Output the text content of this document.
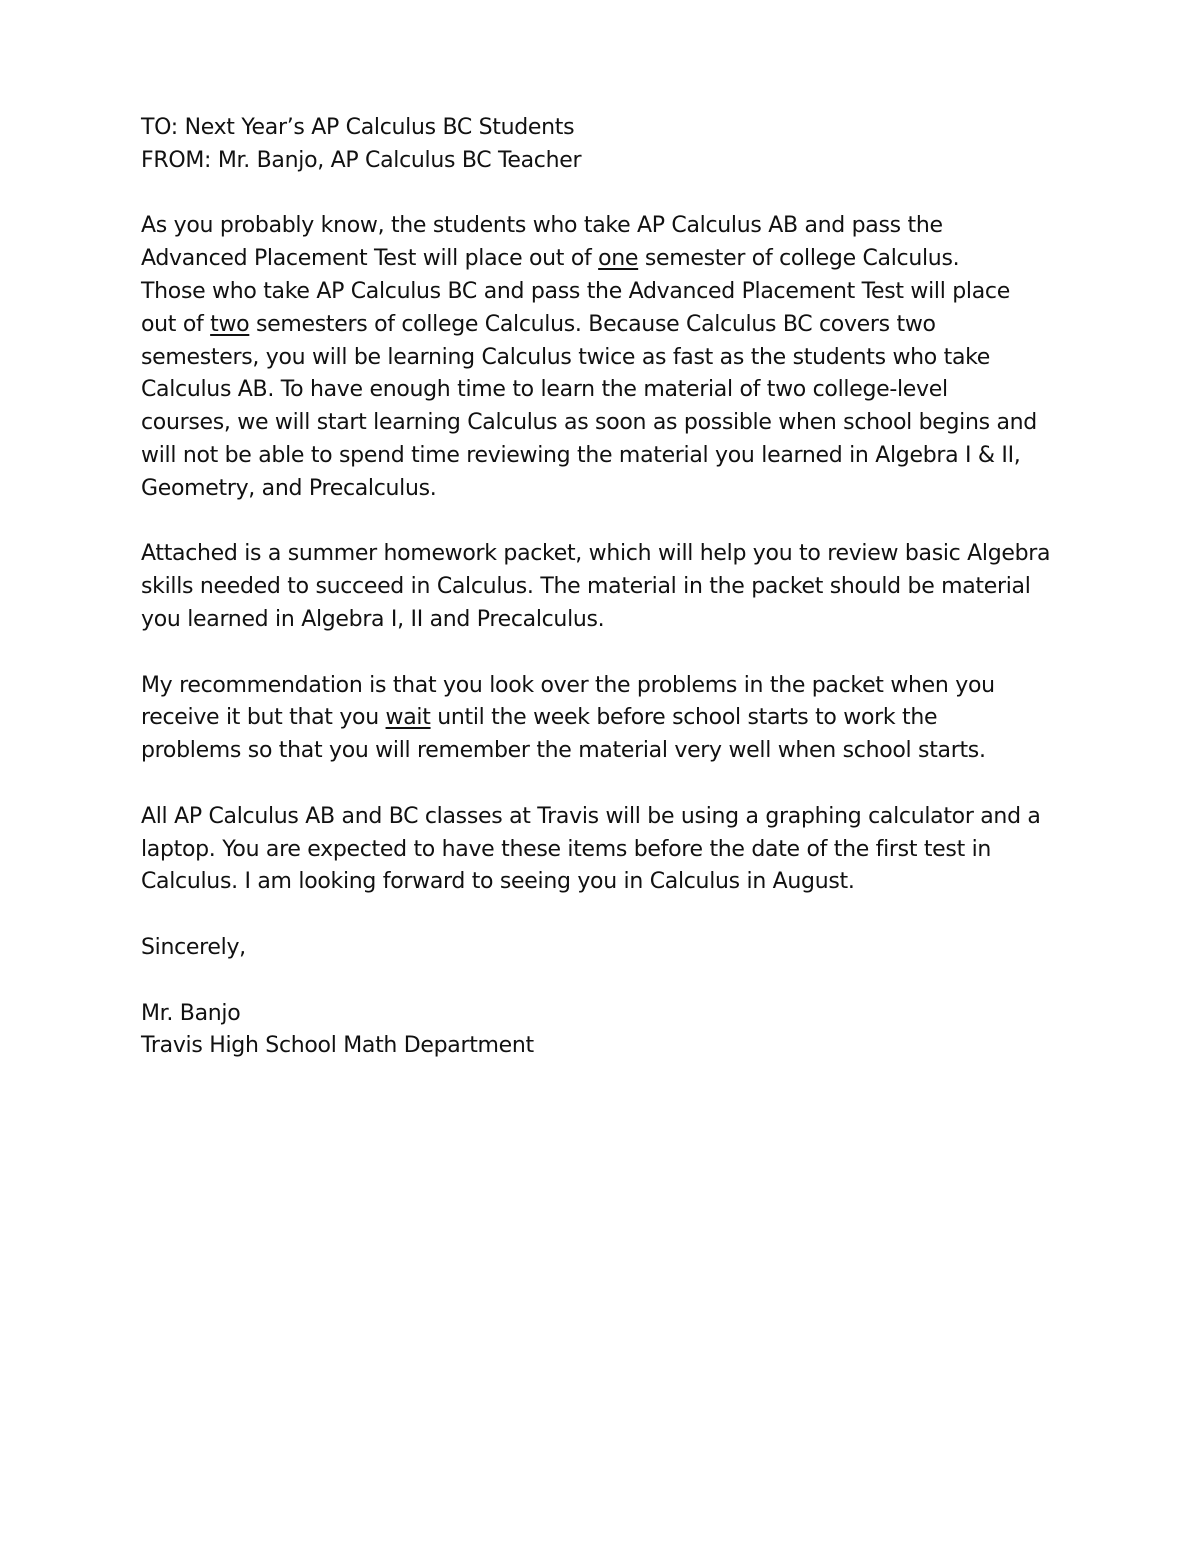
TO: Next Year’s AP Calculus BC Students
FROM: Mr. Banjo, AP Calculus BC Teacher
As you probably know, the students who take AP Calculus AB and pass the
Advanced Placement Test will place out of one semester of college Calculus.
Those who take AP Calculus BC and pass the Advanced Placement Test will place
out of two semesters of college Calculus. Because Calculus BC covers two
semesters, you will be learning Calculus twice as fast as the students who take
Calculus AB. To have enough time to learn the material of two college-level
courses, we will start learning Calculus as soon as possible when school begins and
will not be able to spend time reviewing the material you learned in Algebra I & II,
Geometry, and Precalculus.
Attached is a summer homework packet, which will help you to review basic Algebra
skills needed to succeed in Calculus. The material in the packet should be material
you learned in Algebra I, II and Precalculus.
My recommendation is that you look over the problems in the packet when you
receive it but that you wait until the week before school starts to work the
problems so that you will remember the material very well when school starts.
All AP Calculus AB and BC classes at Travis will be using a graphing calculator and a
laptop. You are expected to have these items before the date of the first test in
Calculus. I am looking forward to seeing you in Calculus in August.
Sincerely,
Mr. Banjo
Travis High School Math Department
